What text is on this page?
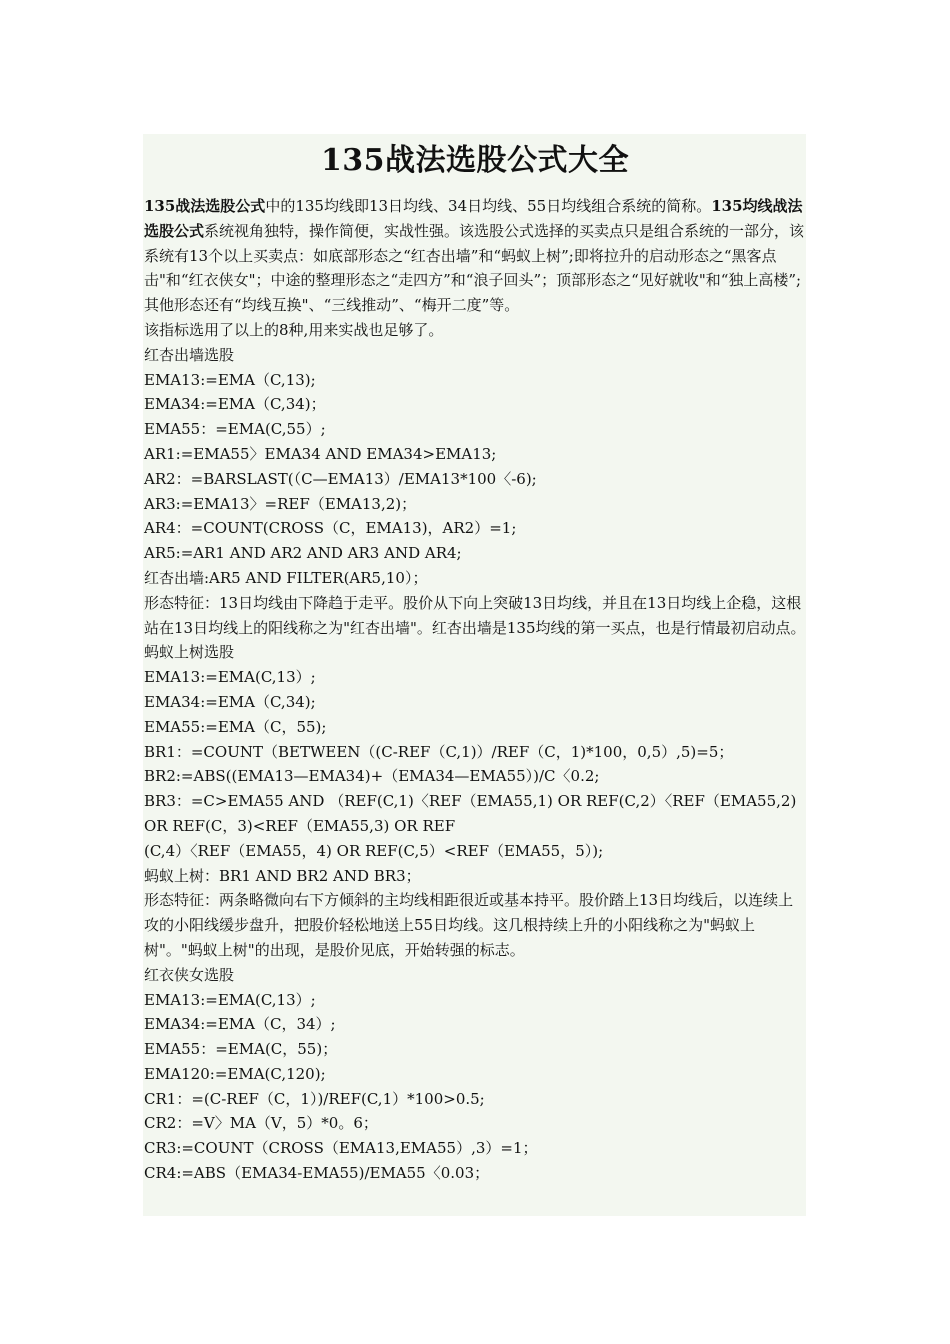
135战法选股公式大全

135战法选股公式中的135均线即13日均线、34日均线、55日均线组合系统的简称。135均线战法选股公式系统视角独特，操作简便，实战性强。该选股公式选择的买卖点只是组合系统的一部分，该系统有13个以上买卖点：如底部形态之“红杏出墙”和“蚂蚁上树”;即将拉升的启动形态之“黑客点击"和“红衣侠女"；中途的整理形态之“走四方”和“浪子回头”；顶部形态之“见好就收"和“独上高楼”;其他形态还有“均线互换"、“三线推动”、“梅开二度”等。

该指标选用了以上的8种,用来实战也足够了。

红杏出墙选股

EMA13:=EMA（C,13);

EMA34:=EMA（C,34)；

EMA55：=EMA(C,55）;

AR1:=EMA55〉EMA34 AND EMA34>EMA13;

AR2：=BARSLAST(（C—EMA13）/EMA13*100〈-6);

AR3:=EMA13〉=REF（EMA13,2)；

AR4：=COUNT(CROSS（C，EMA13)，AR2）=1;

AR5:=AR1 AND AR2 AND AR3 AND AR4;

红杏出墙:AR5 AND FILTER(AR5,10）；

形态特征：13日均线由下降趋于走平。股价从下向上突破13日均线，并且在13日均线上企稳，这根站在13日均线上的阳线称之为"红杏出墙"。红杏出墙是135均线的第一买点，也是行情最初启动点。

蚂蚁上树选股

EMA13:=EMA(C,13）;

EMA34:=EMA（C,34);

EMA55:=EMA（C，55);

BR1：=COUNT（BETWEEN（(C-REF（C,1)）/REF（C，1)*100，0,5）,5)=5；

BR2:=ABS((EMA13—EMA34)+（EMA34—EMA55）)/C〈0.2;

BR3：=C>EMA55 AND （REF(C,1)〈REF（EMA55,1) OR REF(C,2）〈REF（EMA55,2) OR REF(C，3)<REF（EMA55,3) OR REF

(C,4）〈REF（EMA55，4) OR REF(C,5）<REF（EMA55，5）);

蚂蚁上树：BR1 AND BR2 AND BR3；

形态特征：两条略微向右下方倾斜的主均线相距很近或基本持平。股价踏上13日均线后，以连续上攻的小阳线缓步盘升，把股价轻松地送上55日均线。这几根持续上升的小阳线称之为"蚂蚁上树"。"蚂蚁上树"的出现，是股价见底，开始转强的标志。

红衣侠女选股

EMA13:=EMA(C,13）;

EMA34:=EMA（C，34）;

EMA55：=EMA(C，55)；

EMA120:=EMA(C,120);

CR1：=(C-REF（C，1）)/REF(C,1）*100>0.5;

CR2：=V〉MA（V，5）*0。6；

CR3:=COUNT（CROSS（EMA13,EMA55）,3）=1；

CR4:=ABS（EMA34-EMA55)/EMA55〈0.03；
